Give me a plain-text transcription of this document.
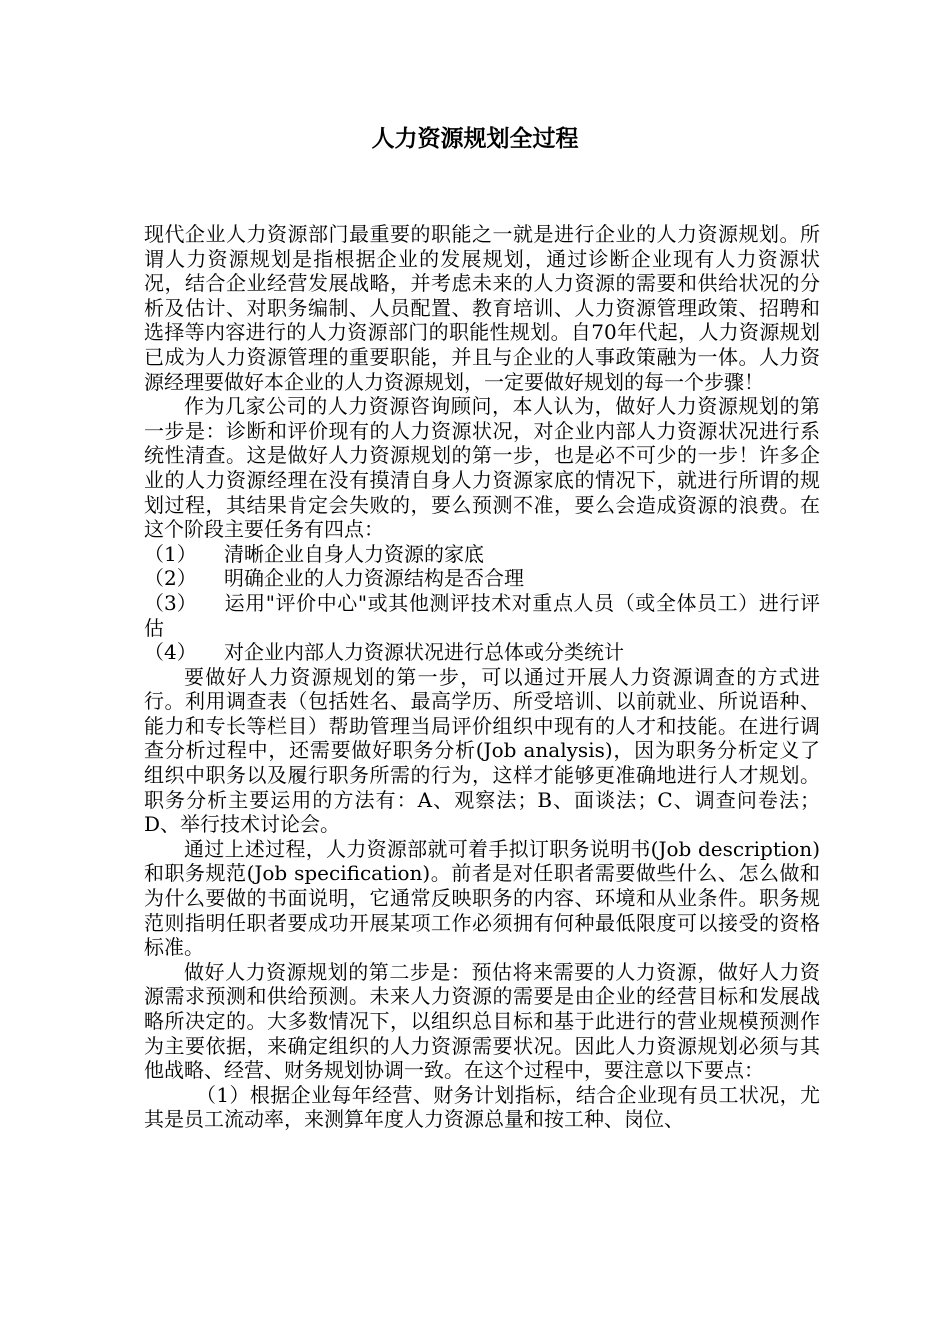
人力资源规划全过程

现代企业人力资源部门最重要的职能之一就是进行企业的人力资源规划。所谓人力资源规划是指根据企业的发展规划，通过诊断企业现有人力资源状况，结合企业经营发展战略，并考虑未来的人力资源的需要和供给状况的分析及估计、对职务编制、人员配置、教育培训、人力资源管理政策、招聘和选择等内容进行的人力资源部门的职能性规划。自70年代起，人力资源规划已成为人力资源管理的重要职能，并且与企业的人事政策融为一体。人力资源经理要做好本企业的人力资源规划，一定要做好规划的每一个步骤！

作为几家公司的人力资源咨询顾问，本人认为，做好人力资源规划的第一步是：诊断和评价现有的人力资源状况，对企业内部人力资源状况进行系统性清查。这是做好人力资源规划的第一步，也是必不可少的一步！许多企业的人力资源经理在没有摸清自身人力资源家底的情况下，就进行所谓的规划过程，其结果肯定会失败的，要么预测不准，要么会造成资源的浪费。在这个阶段主要任务有四点：

（1） 清晰企业自身人力资源的家底
（2） 明确企业的人力资源结构是否合理
（3） 运用"评价中心"或其他测评技术对重点人员（或全体员工）进行评估
（4） 对企业内部人力资源状况进行总体或分类统计

要做好人力资源规划的第一步，可以通过开展人力资源调查的方式进行。利用调查表（包括姓名、最高学历、所受培训、以前就业、所说语种、能力和专长等栏目）帮助管理当局评价组织中现有的人才和技能。在进行调查分析过程中，还需要做好职务分析(Job analysis)，因为职务分析定义了组织中职务以及履行职务所需的行为，这样才能够更准确地进行人才规划。职务分析主要运用的方法有：A、观察法；B、面谈法；C、调查问卷法；D、举行技术讨论会。

通过上述过程，人力资源部就可着手拟订职务说明书(Job description)和职务规范(Job specification)。前者是对任职者需要做些什么、怎么做和为什么要做的书面说明，它通常反映职务的内容、环境和从业条件。职务规范则指明任职者要成功开展某项工作必须拥有何种最低限度可以接受的资格标准。

做好人力资源规划的第二步是：预估将来需要的人力资源，做好人力资源需求预测和供给预测。未来人力资源的需要是由企业的经营目标和发展战略所决定的。大多数情况下，以组织总目标和基于此进行的营业规模预测作为主要依据，来确定组织的人力资源需要状况。因此人力资源规划必须与其他战略、经营、财务规划协调一致。在这个过程中，要注意以下要点：

（1）根据企业每年经营、财务计划指标，结合企业现有员工状况，尤其是员工流动率，来测算年度人力资源总量和按工种、岗位、
